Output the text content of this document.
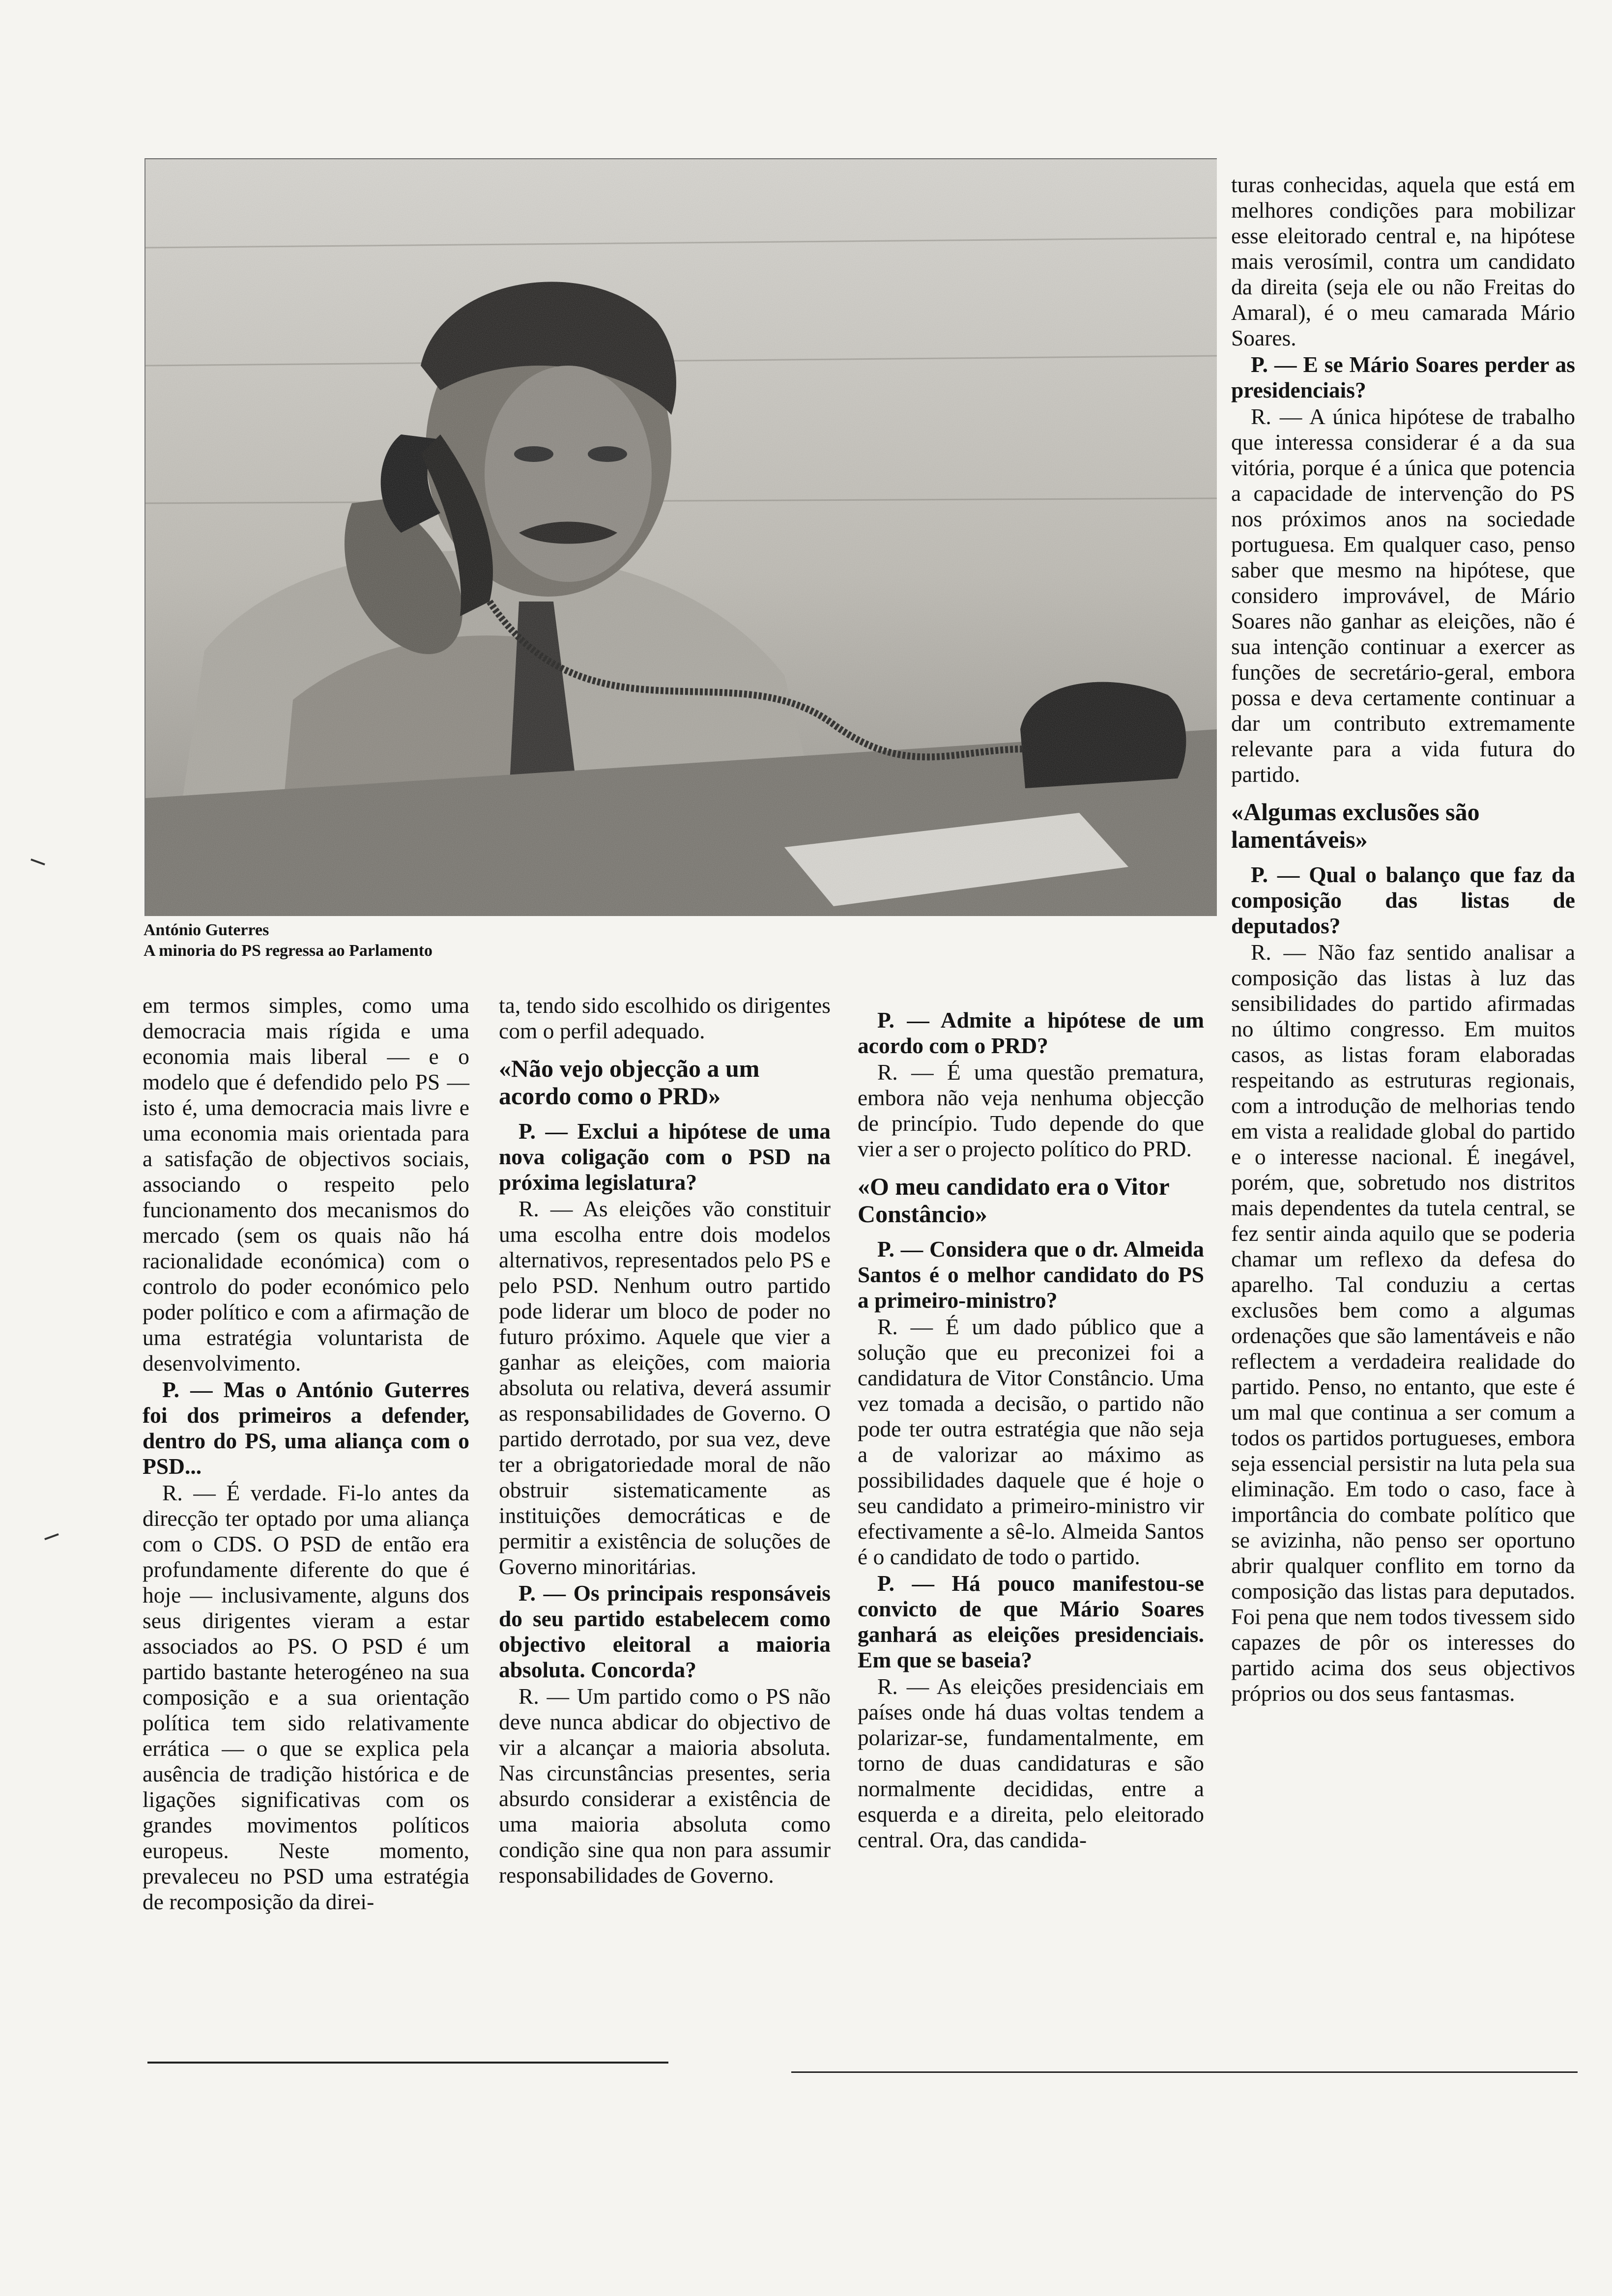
António Guterres
A minoria do PS regressa ao Parlamento

em termos simples, como uma democracia mais rígida e uma economia mais liberal — e o modelo que é defendido pelo PS — isto é, uma democracia mais livre e uma economia mais orientada para a satisfação de objectivos sociais, associando o respeito pelo funcionamento dos mecanismos do mercado (sem os quais não há racionalidade económica) com o controlo do poder económico pelo poder político e com a afirmação de uma estratégia voluntarista de desenvolvimento.

P. — Mas o António Guterres foi dos primeiros a defender, dentro do PS, uma aliança com o PSD...

R. — É verdade. Fi-lo antes da direcção ter optado por uma aliança com o CDS. O PSD de então era profundamente diferente do que é hoje — inclusivamente, alguns dos seus dirigentes vieram a estar associados ao PS. O PSD é um partido bastante heterogéneo na sua composição e a sua orientação política tem sido relativamente errática — o que se explica pela ausência de tradição histórica e de ligações significativas com os grandes movimentos políticos europeus. Neste momento, prevaleceu no PSD uma estratégia de recomposição da direi-

ta, tendo sido escolhido os dirigentes com o perfil adequado.

«Não vejo objecção a um acordo como o PRD»

P. — Exclui a hipótese de uma nova coligação com o PSD na próxima legislatura?

R. — As eleições vão constituir uma escolha entre dois modelos alternativos, representados pelo PS e pelo PSD. Nenhum outro partido pode liderar um bloco de poder no futuro próximo. Aquele que vier a ganhar as eleições, com maioria absoluta ou relativa, deverá assumir as responsabilidades de Governo. O partido derrotado, por sua vez, deve ter a obrigatoriedade moral de não obstruir sistematicamente as instituições democráticas e de permitir a existência de soluções de Governo minoritárias.

P. — Os principais responsáveis do seu partido estabelecem como objectivo eleitoral a maioria absoluta. Concorda?

R. — Um partido como o PS não deve nunca abdicar do objectivo de vir a alcançar a maioria absoluta. Nas circunstâncias presentes, seria absurdo considerar a existência de uma maioria absoluta como condição sine qua non para assumir responsabilidades de Governo.

P. — Admite a hipótese de um acordo com o PRD?

R. — É uma questão prematura, embora não veja nenhuma objecção de princípio. Tudo depende do que vier a ser o projecto político do PRD.

«O meu candidato era o Vitor Constâncio»

P. — Considera que o dr. Almeida Santos é o melhor candidato do PS a primeiro-ministro?

R. — É um dado público que a solução que eu preconizei foi a candidatura de Vitor Constâncio. Uma vez tomada a decisão, o partido não pode ter outra estratégia que não seja a de valorizar ao máximo as possibilidades daquele que é hoje o seu candidato a primeiro-ministro vir efectivamente a sê-lo. Almeida Santos é o candidato de todo o partido.

P. — Há pouco manifestou-se convicto de que Mário Soares ganhará as eleições presidenciais. Em que se baseia?

R. — As eleições presidenciais em países onde há duas voltas tendem a polarizar-se, fundamentalmente, em torno de duas candidaturas e são normalmente decididas, entre a esquerda e a direita, pelo eleitorado central. Ora, das candida-

turas conhecidas, aquela que está em melhores condições para mobilizar esse eleitorado central e, na hipótese mais verosímil, contra um candidato da direita (seja ele ou não Freitas do Amaral), é o meu camarada Mário Soares.

P. — E se Mário Soares perder as presidenciais?

R. — A única hipótese de trabalho que interessa considerar é a da sua vitória, porque é a única que potencia a capacidade de intervenção do PS nos próximos anos na sociedade portuguesa. Em qualquer caso, penso saber que mesmo na hipótese, que considero improvável, de Mário Soares não ganhar as eleições, não é sua intenção continuar a exercer as funções de secretário-geral, embora possa e deva certamente continuar a dar um contributo extremamente relevante para a vida futura do partido.

«Algumas exclusões são lamentáveis»

P. — Qual o balanço que faz da composição das listas de deputados?

R. — Não faz sentido analisar a composição das listas à luz das sensibilidades do partido afirmadas no último congresso. Em muitos casos, as listas foram elaboradas respeitando as estruturas regionais, com a introdução de melhorias tendo em vista a realidade global do partido e o interesse nacional. É inegável, porém, que, sobretudo nos distritos mais dependentes da tutela central, se fez sentir ainda aquilo que se poderia chamar um reflexo da defesa do aparelho. Tal conduziu a certas exclusões bem como a algumas ordenações que são lamentáveis e não reflectem a verdadeira realidade do partido. Penso, no entanto, que este é um mal que continua a ser comum a todos os partidos portugueses, embora seja essencial persistir na luta pela sua eliminação. Em todo o caso, face à importância do combate político que se avizinha, não penso ser oportuno abrir qualquer conflito em torno da composição das listas para deputados. Foi pena que nem todos tivessem sido capazes de pôr os interesses do partido acima dos seus objectivos próprios ou dos seus fantasmas.
